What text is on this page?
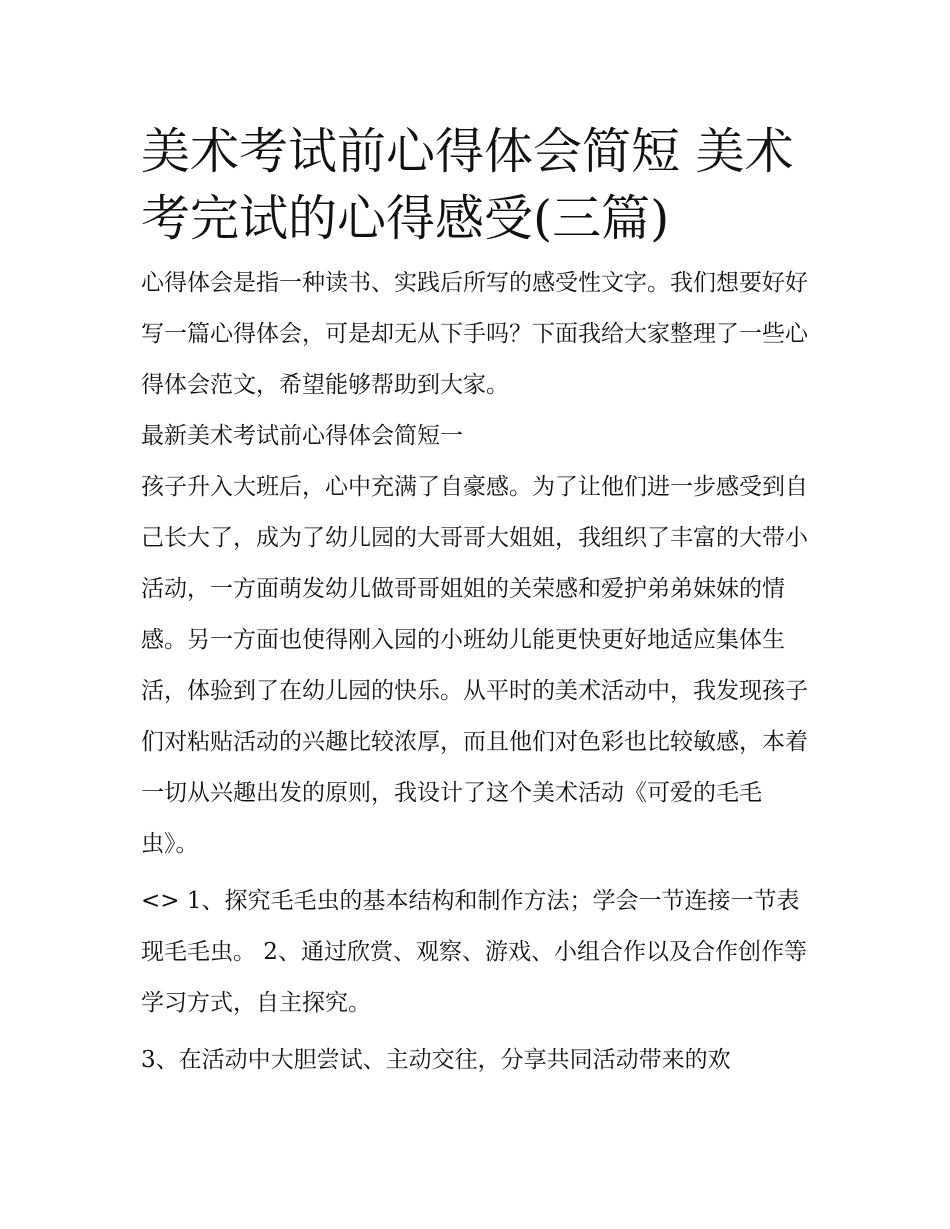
美术考试前心得体会简短 美术考完试的心得感受(三篇)

心得体会是指一种读书、实践后所写的感受性文字。我们想要好好写一篇心得体会，可是却无从下手吗？下面我给大家整理了一些心得体会范文，希望能够帮助到大家。

最新美术考试前心得体会简短一

孩子升入大班后，心中充满了自豪感。为了让他们进一步感受到自己长大了，成为了幼儿园的大哥哥大姐姐，我组织了丰富的大带小活动，一方面萌发幼儿做哥哥姐姐的关荣感和爱护弟弟妹妹的情感。另一方面也使得刚入园的小班幼儿能更快更好地适应集体生活，体验到了在幼儿园的快乐。从平时的美术活动中，我发现孩子们对粘贴活动的兴趣比较浓厚，而且他们对色彩也比较敏感，本着一切从兴趣出发的原则，我设计了这个美术活动《可爱的毛毛虫》。

<> 1、探究毛毛虫的基本结构和制作方法；学会一节连接一节表现毛毛虫。 2、通过欣赏、观察、游戏、小组合作以及合作创作等学习方式，自主探究。

3、在活动中大胆尝试、主动交往，分享共同活动带来的欢
